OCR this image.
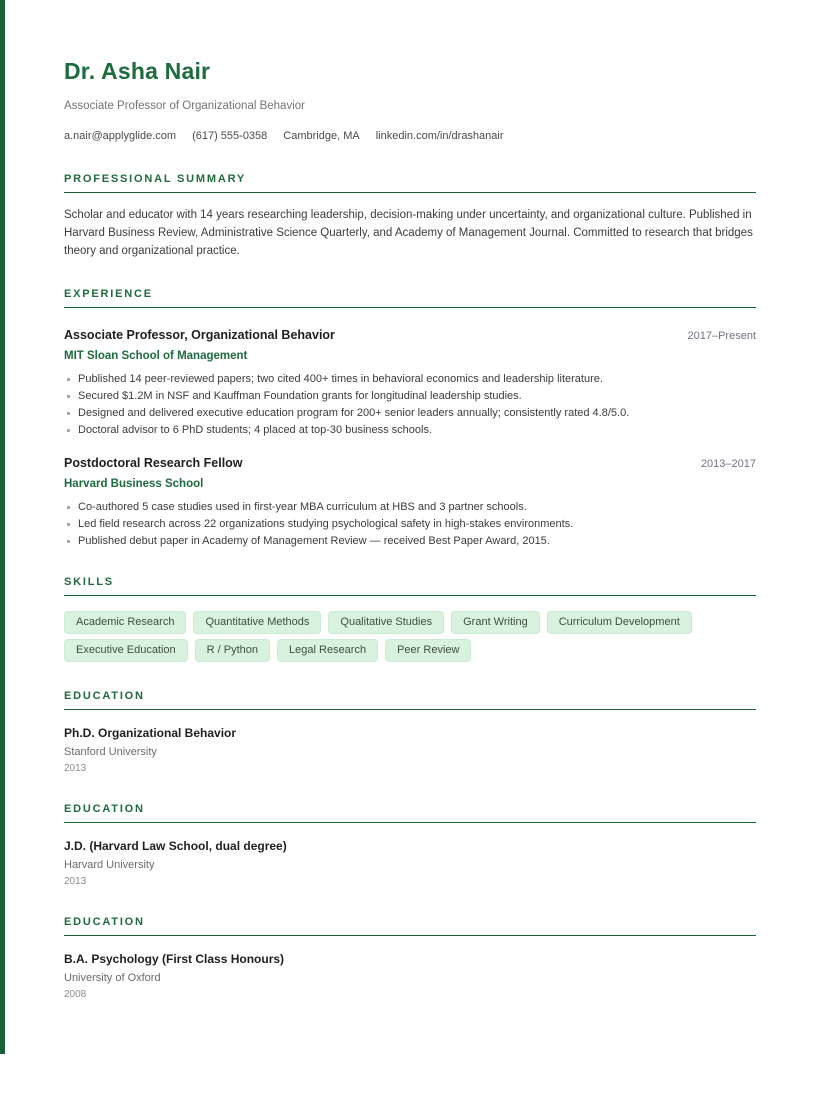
Dr. Asha Nair
Associate Professor of Organizational Behavior
a.nair@applyglide.com (617) 555-0358 Cambridge, MA linkedin.com/in/drashanair
PROFESSIONAL SUMMARY
Scholar and educator with 14 years researching leadership, decision-making under uncertainty, and organizational culture. Published in Harvard Business Review, Administrative Science Quarterly, and Academy of Management Journal. Committed to research that bridges theory and organizational practice.
EXPERIENCE
Associate Professor, Organizational Behavior	2017–Present
MIT Sloan School of Management
Published 14 peer-reviewed papers; two cited 400+ times in behavioral economics and leadership literature.
Secured $1.2M in NSF and Kauffman Foundation grants for longitudinal leadership studies.
Designed and delivered executive education program for 200+ senior leaders annually; consistently rated 4.8/5.0.
Doctoral advisor to 6 PhD students; 4 placed at top-30 business schools.
Postdoctoral Research Fellow	2013–2017
Harvard Business School
Co-authored 5 case studies used in first-year MBA curriculum at HBS and 3 partner schools.
Led field research across 22 organizations studying psychological safety in high-stakes environments.
Published debut paper in Academy of Management Review — received Best Paper Award, 2015.
SKILLS
Academic Research	Quantitative Methods	Qualitative Studies	Grant Writing	Curriculum Development
Executive Education	R / Python	Legal Research	Peer Review
EDUCATION
Ph.D. Organizational Behavior
Stanford University
2013
EDUCATION
J.D. (Harvard Law School, dual degree)
Harvard University
2013
EDUCATION
B.A. Psychology (First Class Honours)
University of Oxford
2008
